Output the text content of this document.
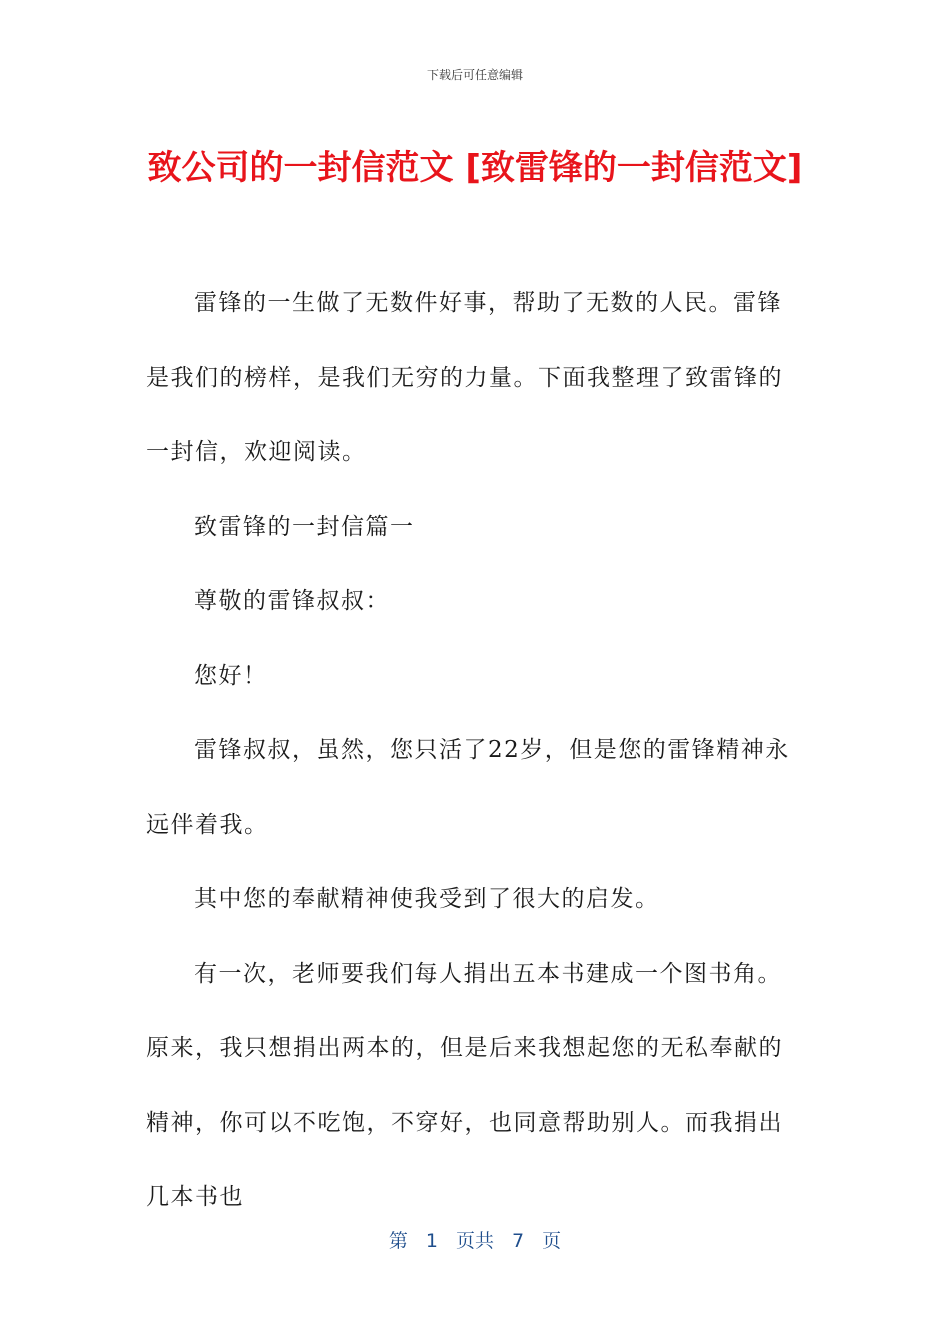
下载后可任意编辑
致公司的一封信范文 [致雷锋的一封信范文]

雷锋的一生做了无数件好事，帮助了无数的人民。雷锋是我们的榜样，是我们无穷的力量。下面我整理了致雷锋的一封信，欢迎阅读。

致雷锋的一封信篇一

尊敬的雷锋叔叔：

您好！

雷锋叔叔，虽然，您只活了22岁，但是您的雷锋精神永远伴着我。

其中您的奉献精神使我受到了很大的启发。

有一次，老师要我们每人捐出五本书建成一个图书角。原来，我只想捐出两本的，但是后来我想起您的无私奉献的精神，你可以不吃饱，不穿好，也同意帮助别人。而我捐出几本书也

第 1 页共 7 页
